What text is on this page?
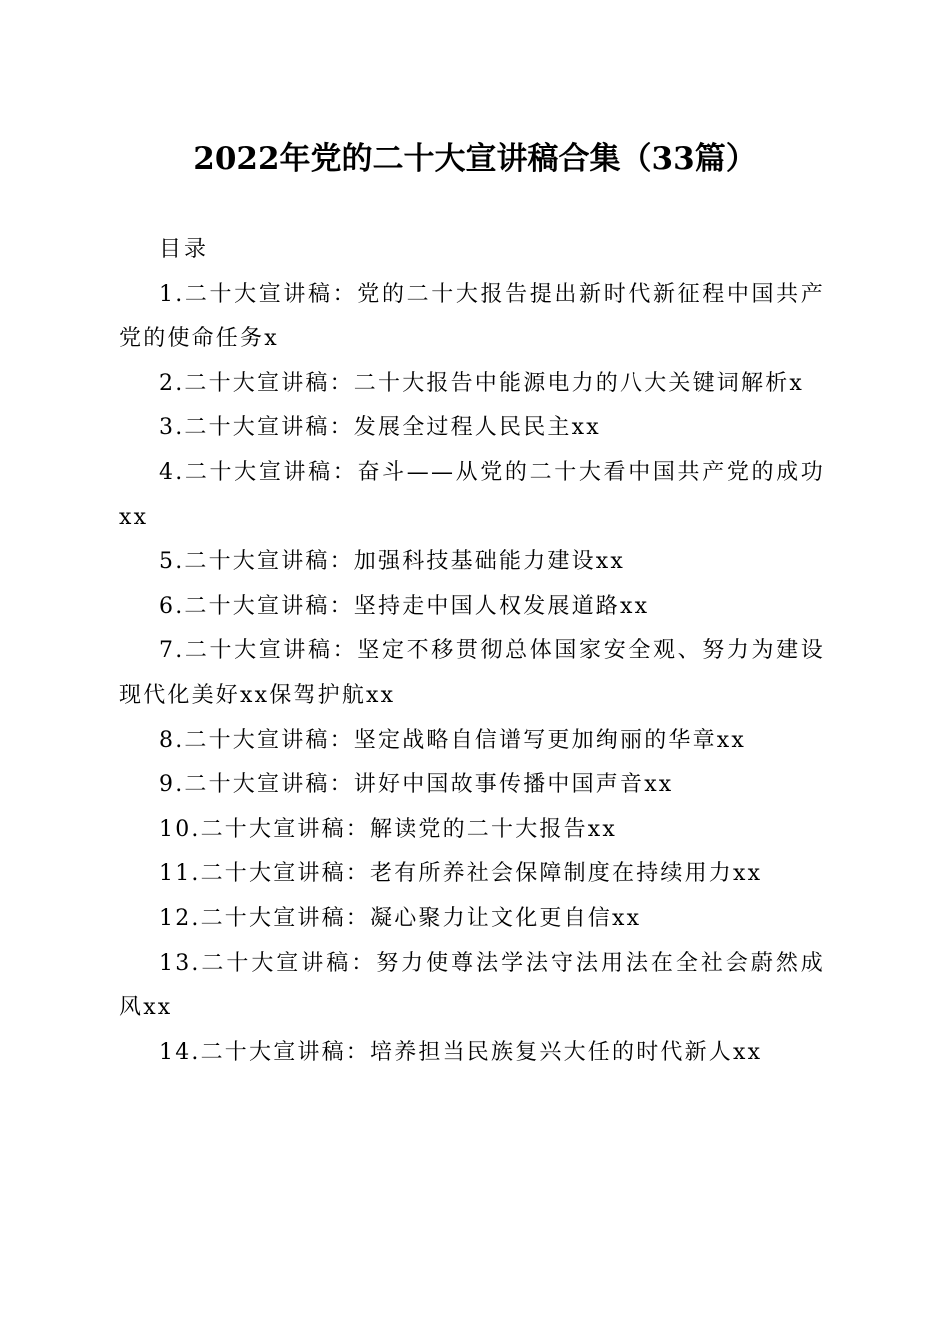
2022年党的二十大宣讲稿合集（33篇）

目录

1.二十大宣讲稿：党的二十大报告提出新时代新征程中国共产党的使命任务x

2.二十大宣讲稿：二十大报告中能源电力的八大关键词解析x

3.二十大宣讲稿：发展全过程人民民主xx

4.二十大宣讲稿：奋斗——从党的二十大看中国共产党的成功xx

5.二十大宣讲稿：加强科技基础能力建设xx

6.二十大宣讲稿：坚持走中国人权发展道路xx

7.二十大宣讲稿：坚定不移贯彻总体国家安全观、努力为建设现代化美好xx保驾护航xx

8.二十大宣讲稿：坚定战略自信谱写更加绚丽的华章xx

9.二十大宣讲稿：讲好中国故事传播中国声音xx

10.二十大宣讲稿：解读党的二十大报告xx

11.二十大宣讲稿：老有所养社会保障制度在持续用力xx

12.二十大宣讲稿：凝心聚力让文化更自信xx

13.二十大宣讲稿：努力使尊法学法守法用法在全社会蔚然成风xx

14.二十大宣讲稿：培养担当民族复兴大任的时代新人xx
